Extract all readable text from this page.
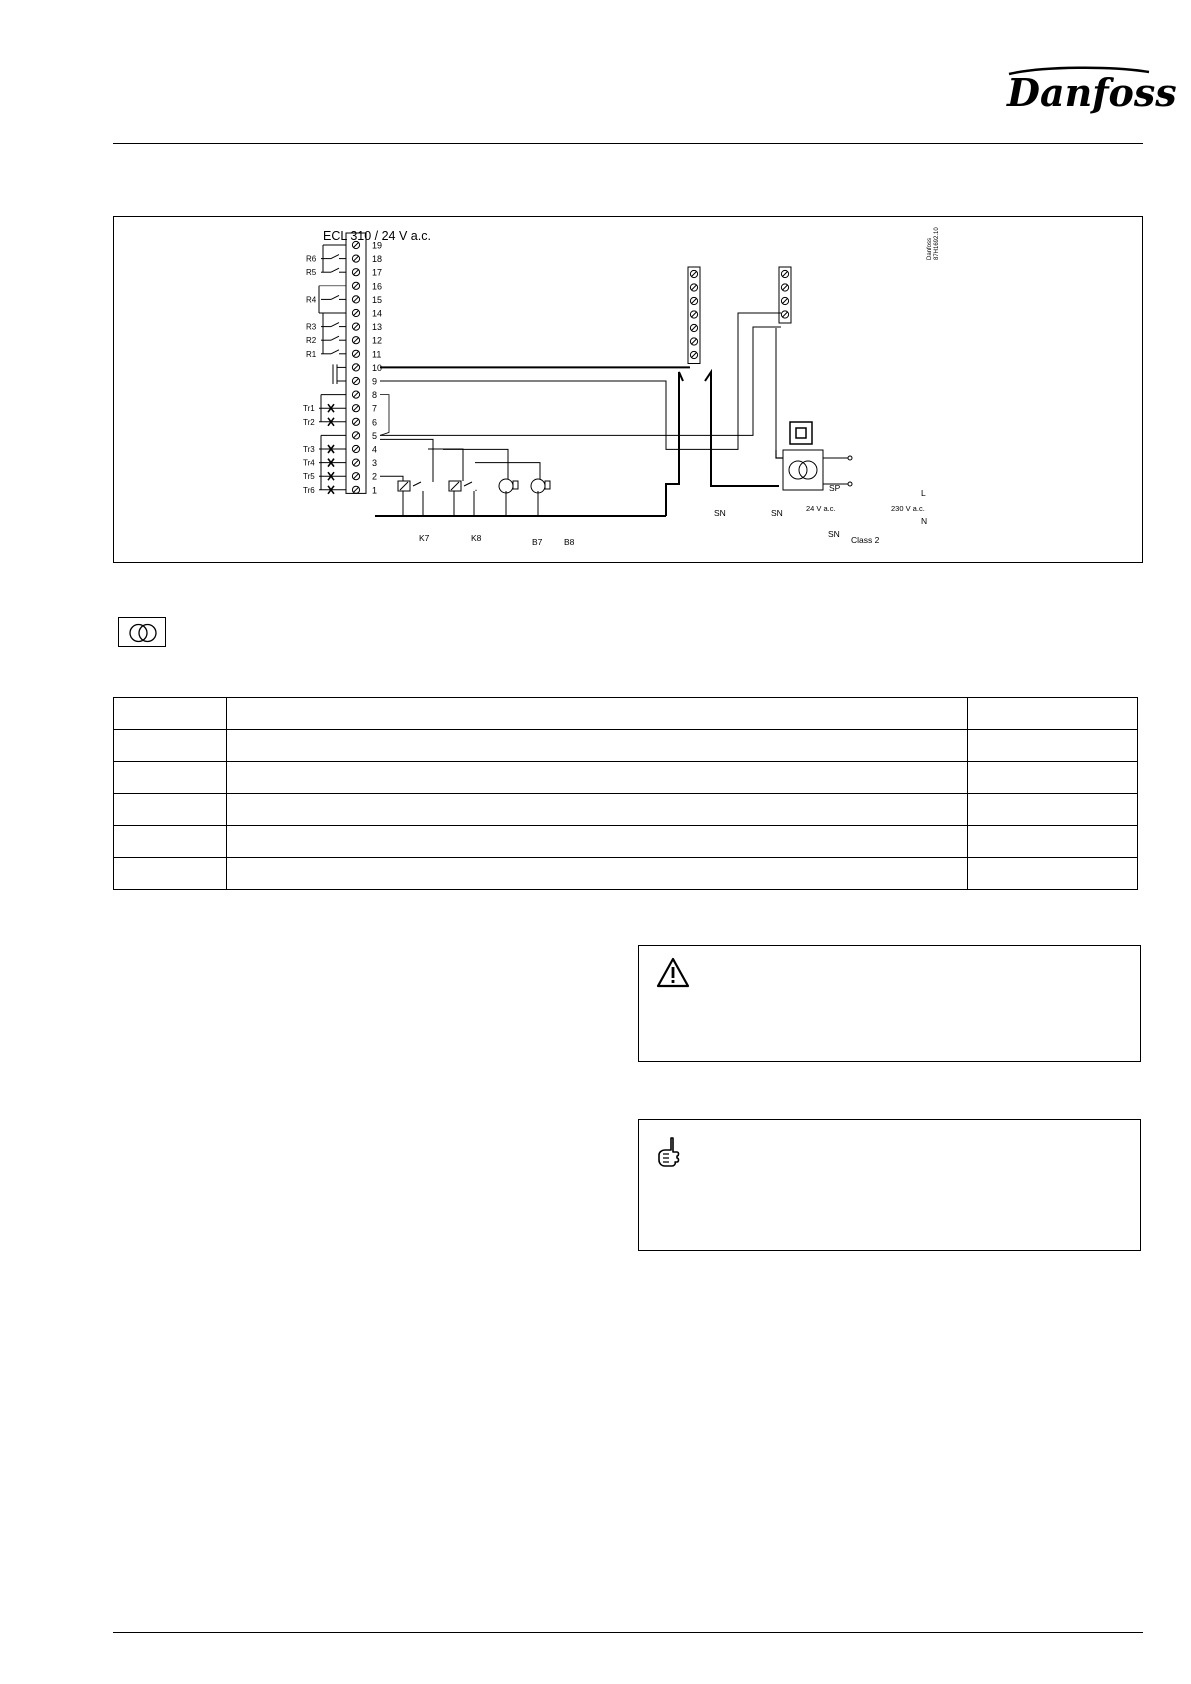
Danfoss
ECL 310 / 24 V a.c.
Danfoss87H1692.10
19
18
17
16
15
14
13
12
11
10
9
8
7
6
5
4
3
2
1
R6
R5
R4
R3
R2
R1
Tr1
Tr2
Tr3
Tr4
Tr5
Tr6
K7	K8	B7	B8
SN	SN
SN
SP
24 V a.c.	230 V a.c.
L
N
Class 2
